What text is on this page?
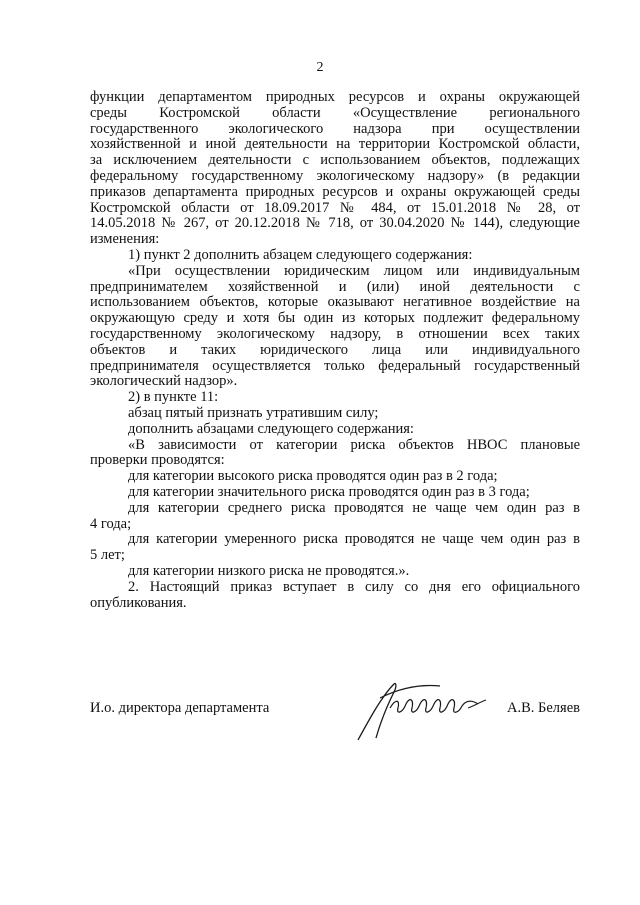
2
функции департаментом природных ресурсов и охраны окружающей
среды Костромской области «Осуществление регионального
государственного экологического надзора при осуществлении
хозяйственной и иной деятельности на территории Костромской области,
за исключением деятельности с использованием объектов, подлежащих
федеральному государственному экологическому надзору» (в редакции
приказов департамента природных ресурсов и охраны окружающей среды
Костромской области от 18.09.2017 № 484, от 15.01.2018 № 28, от
14.05.2018 № 267, от 20.12.2018 № 718, от 30.04.2020 № 144), следующие
изменения:
1) пункт 2 дополнить абзацем следующего содержания:
«При осуществлении юридическим лицом или индивидуальным
предпринимателем хозяйственной и (или) иной деятельности с
использованием объектов, которые оказывают негативное воздействие на
окружающую среду и хотя бы один из которых подлежит федеральному
государственному экологическому надзору, в отношении всех таких
объектов и таких юридического лица или индивидуального
предпринимателя осуществляется только федеральный государственный
экологический надзор».
2) в пункте 11:
абзац пятый признать утратившим силу;
дополнить абзацами следующего содержания:
«В зависимости от категории риска объектов НВОС плановые
проверки проводятся:
для категории высокого риска проводятся один раз в 2 года;
для категории значительного риска проводятся один раз в 3 года;
для категории среднего риска проводятся не чаще чем один раз в
4 года;
для категории умеренного риска проводятся не чаще чем один раз в
5 лет;
для категории низкого риска не проводятся.».
2. Настоящий приказ вступает в силу со дня его официального
опубликования.
И.о. директора департамента	А.В. Беляев
